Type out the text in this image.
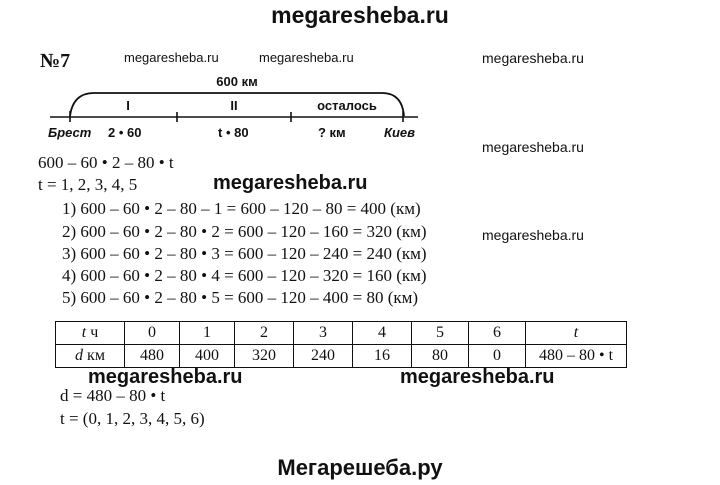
megaresheba.ru
megaresheba.ru	megaresheba.ru	megaresheba.ru
megaresheba.ru
megaresheba.ru
megaresheba.ru
megaresheba.ru	megaresheba.ru
Мегарешеба.ру
№7
600 км
I	II	осталось
Брест 2 • 60	t • 80	? км	Киев
600 – 60 • 2 – 80 • t
t = 1, 2, 3, 4, 5
1) 600 – 60 • 2 – 80 – 1 = 600 – 120 – 80 = 400 (км)
2) 600 – 60 • 2 – 80 • 2 = 600 – 120 – 160 = 320 (км)
3) 600 – 60 • 2 – 80 • 3 = 600 – 120 – 240 = 240 (км)
4) 600 – 60 • 2 – 80 • 4 = 600 – 120 – 320 = 160 (км)
5) 600 – 60 • 2 – 80 • 5 = 600 – 120 – 400 = 80 (км)
t ч	0	1	2	3	4	5	6	t
d км	480	400	320	240	16	80	0	480 – 80 • t
d = 480 – 80 • t
t = (0, 1, 2, 3, 4, 5, 6)
